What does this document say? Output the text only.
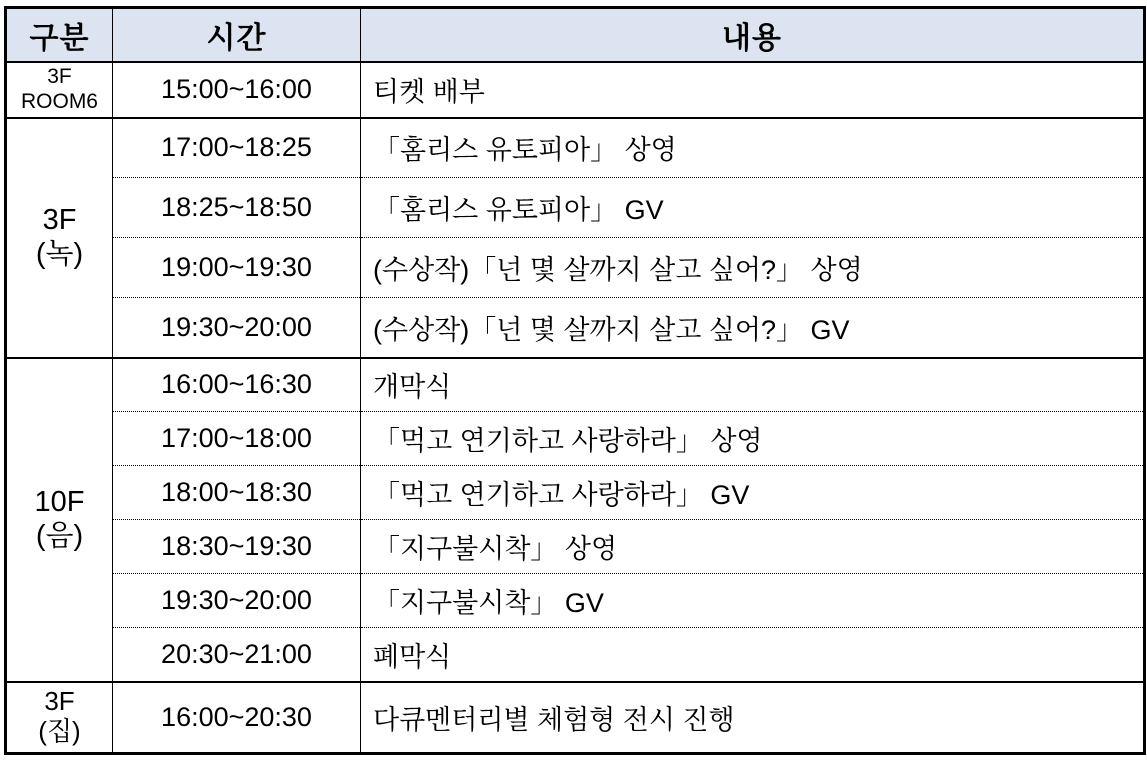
구분	시간	내용

3F
ROOM6	15:00~16:00	티켓 배부

3F
(녹)	17:00~18:25	「홈리스 유토피아」 상영
	18:25~18:50	「홈리스 유토피아」 GV
	19:00~19:30	(수상작)「넌 몇 살까지 살고 싶어?」 상영
	19:30~20:00	(수상작)「넌 몇 살까지 살고 싶어?」 GV

10F
(음)	16:00~16:30	개막식
	17:00~18:00	「먹고 연기하고 사랑하라」 상영
	18:00~18:30	「먹고 연기하고 사랑하라」 GV
	18:30~19:30	「지구불시착」 상영
	19:30~20:00	「지구불시착」 GV
	20:30~21:00	폐막식

3F
(집)	16:00~20:30	다큐멘터리별 체험형 전시 진행
